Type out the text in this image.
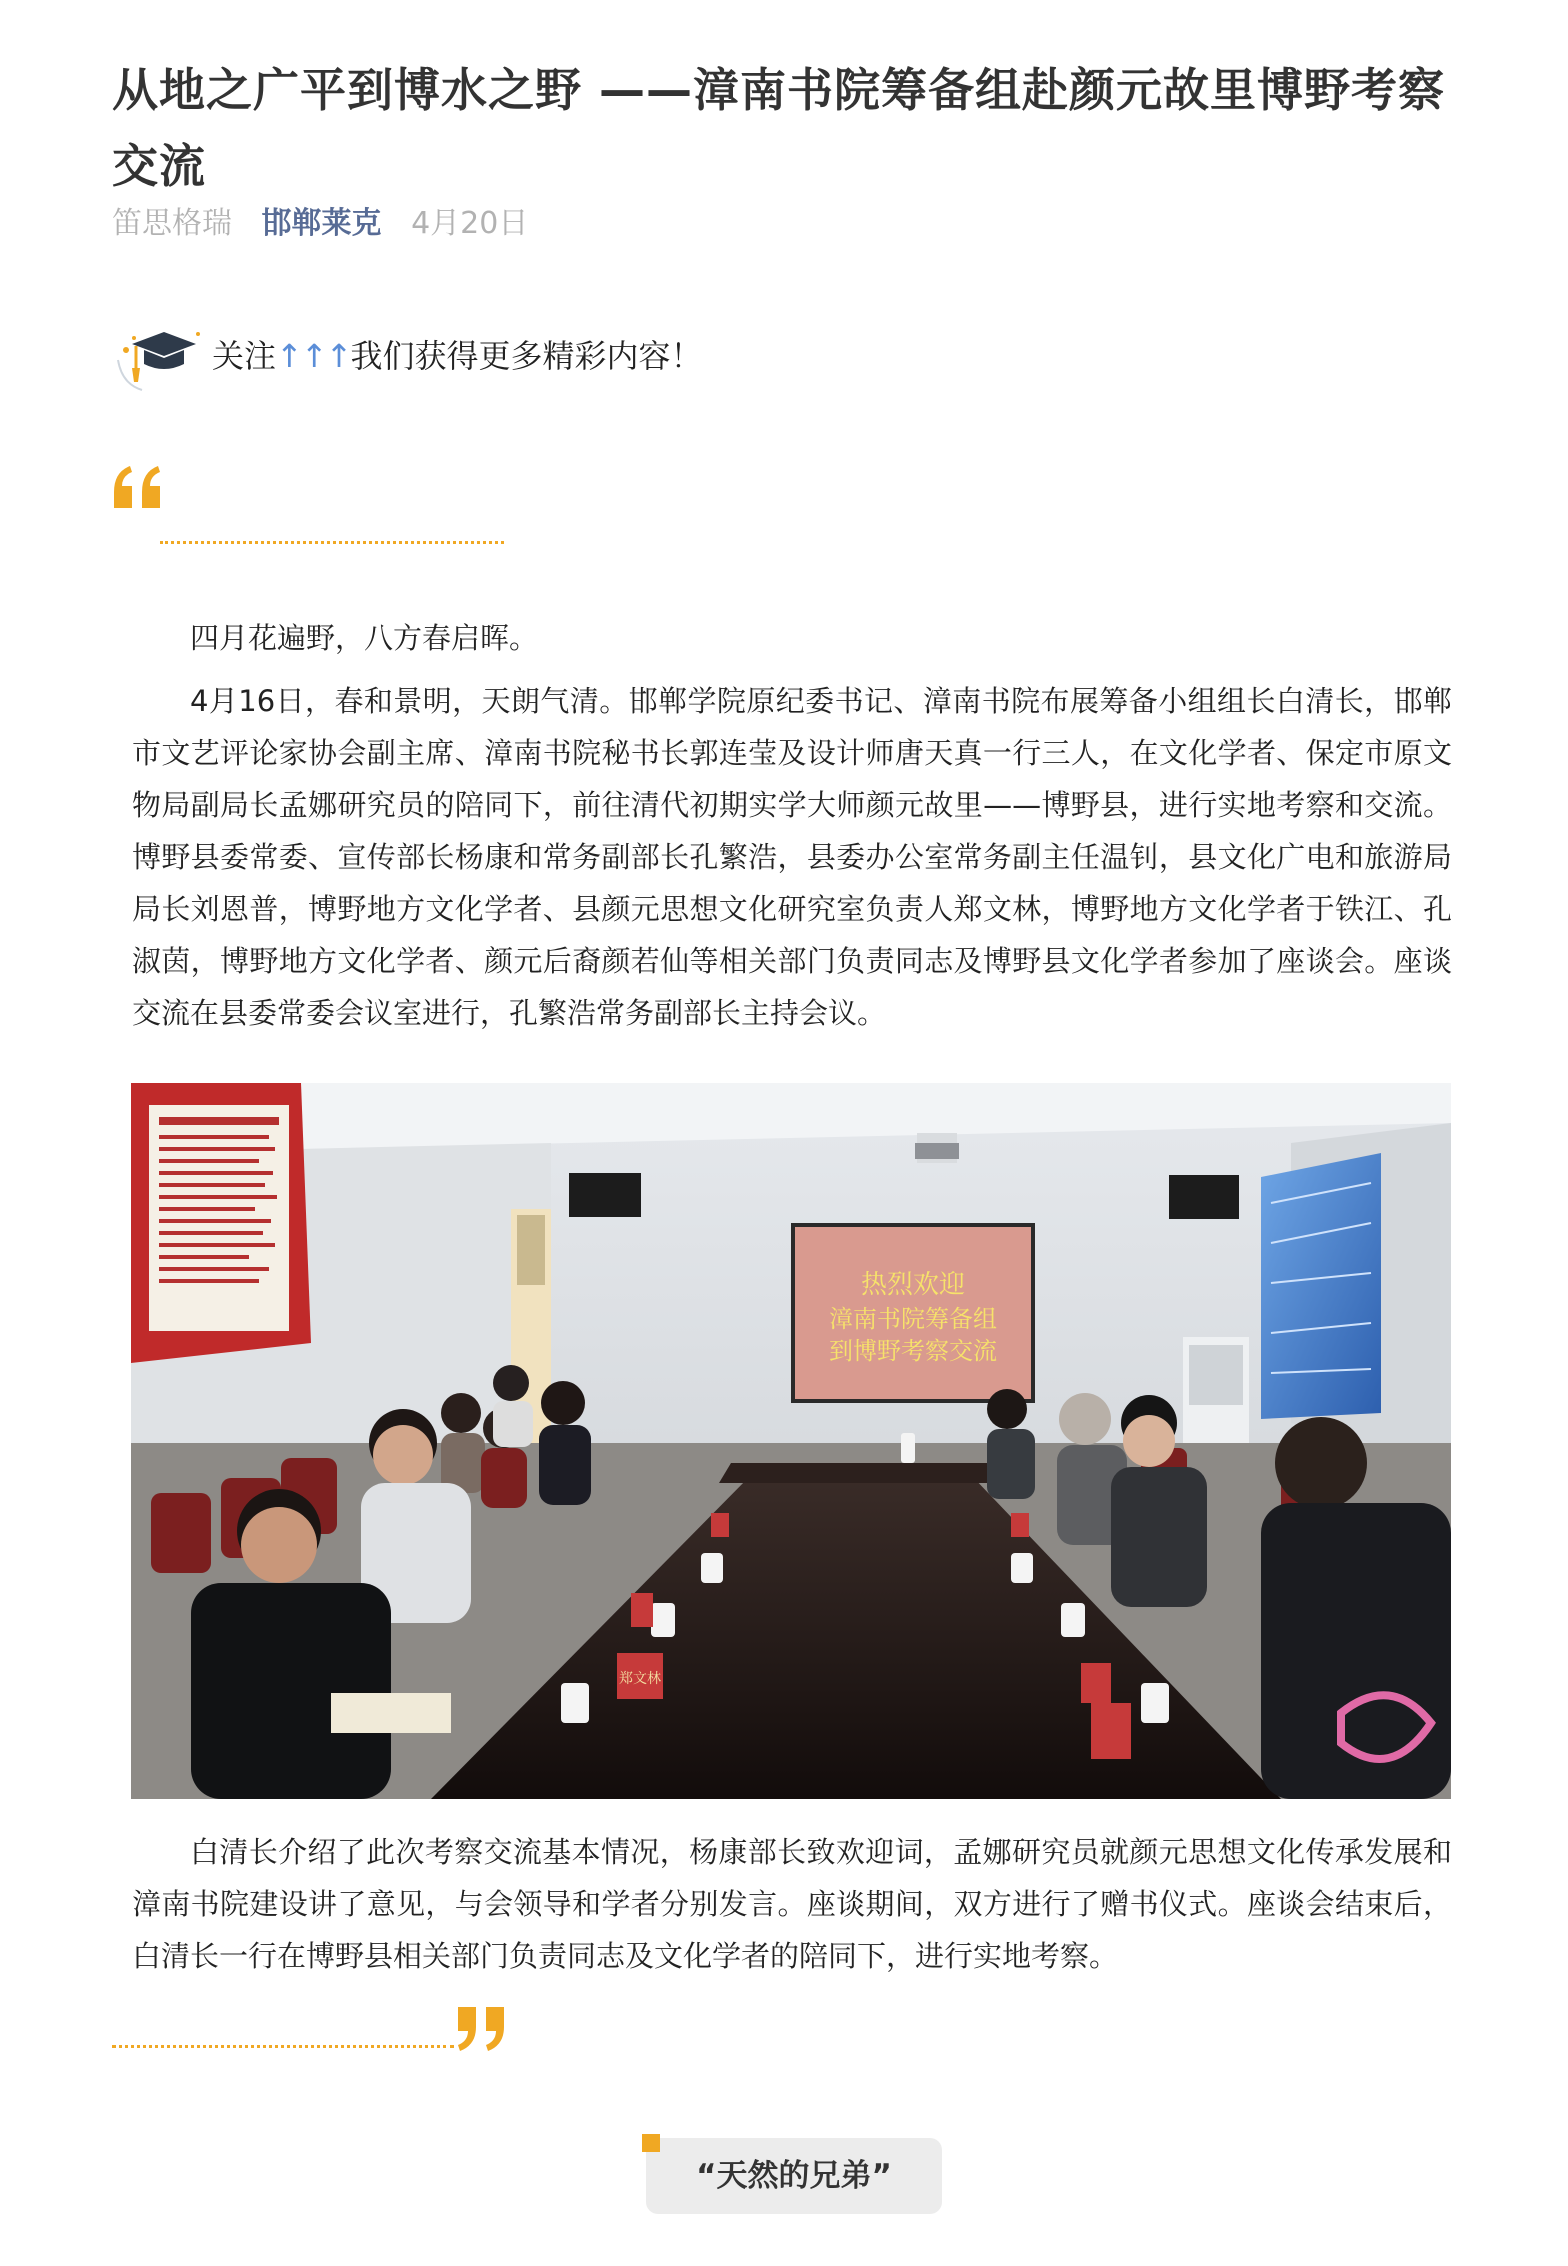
从地之广平到博水之野 ——漳南书院筹备组赴颜元故里博野考察交流
笛思格瑞 邯郸莱克 4月20日
关注↑↑↑我们获得更多精彩内容！

四月花遍野，八方春启晖。

4月16日，春和景明，天朗气清。邯郸学院原纪委书记、漳南书院布展筹备小组组长白清长，邯郸市文艺评论家协会副主席、漳南书院秘书长郭连莹及设计师唐天真一行三人，在文化学者、保定市原文物局副局长孟娜研究员的陪同下，前往清代初期实学大师颜元故里——博野县，进行实地考察和交流。博野县委常委、宣传部长杨康和常务副部长孔繁浩，县委办公室常务副主任温钊，县文化广电和旅游局局长刘恩普，博野地方文化学者、县颜元思想文化研究室负责人郑文林，博野地方文化学者于铁江、孔淑茵，博野地方文化学者、颜元后裔颜若仙等相关部门负责同志及博野县文化学者参加了座谈会。座谈交流在县委常委会议室进行，孔繁浩常务副部长主持会议。

热烈欢迎
漳南书院筹备组
到博野考察交流
郑文林

白清长介绍了此次考察交流基本情况，杨康部长致欢迎词，孟娜研究员就颜元思想文化传承发展和漳南书院建设讲了意见，与会领导和学者分别发言。座谈期间，双方进行了赠书仪式。座谈会结束后，白清长一行在博野县相关部门负责同志及文化学者的陪同下，进行实地考察。

“天然的兄弟”
